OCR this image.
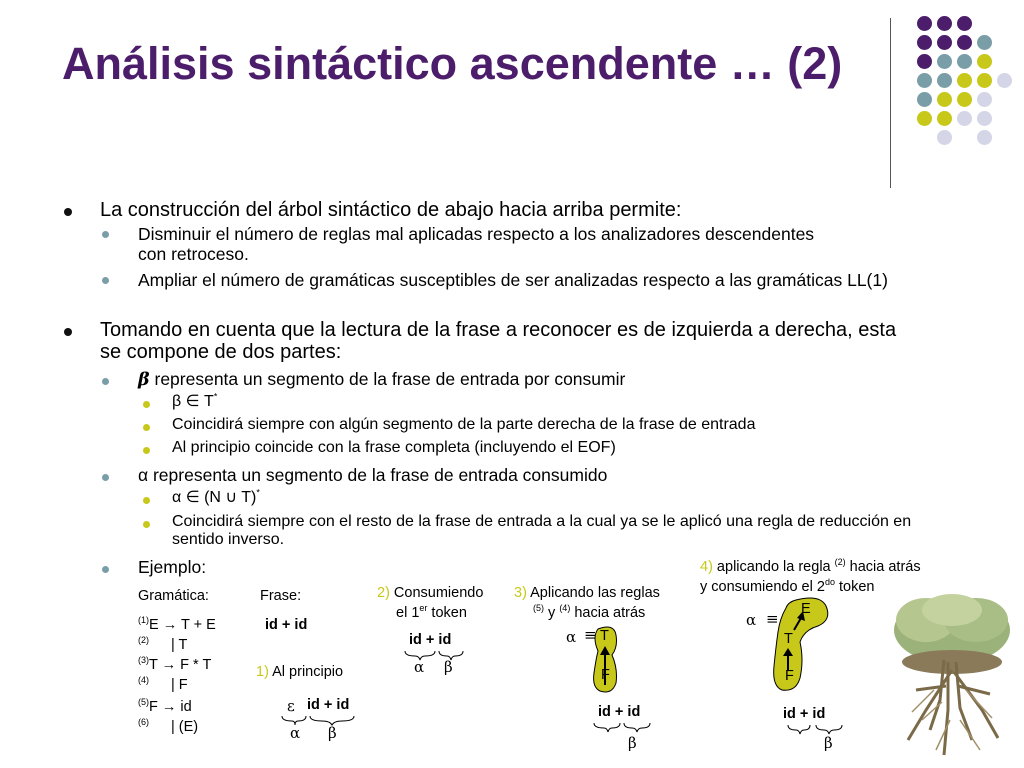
Análisis sintáctico ascendente … (2)
La construcción del árbol sintáctico de abajo hacia arriba permite:
Disminuir el número de reglas mal aplicadas respecto a los analizadores descendentes con retroceso.
Ampliar el número de gramáticas susceptibles de ser analizadas respecto a las gramáticas LL(1)
Tomando en cuenta que la lectura de la frase a reconocer es de izquierda a derecha, esta se compone de dos partes:
β representa un segmento de la frase de entrada por consumir
β ∈ T*
Coincidirá siempre con algún segmento de la parte derecha de la frase de entrada
Al principio coincide con la frase completa (incluyendo el EOF)
α representa un segmento de la frase de entrada consumido
α ∈ (N ∪ T)*
Coincidirá siempre con el resto de la frase de entrada a la cual ya se le aplicó una regla de reducción en sentido inverso.
Ejemplo:
Gramática:	Frase:
id + id
$^{(1)}$E → T + E
$^{(2)}$ | T
$^{(3)}$T → F * T
$^{(4)}$ | F
$^{(5)}$F → id
$^{(6)}$ | (E)
1) Al principio
ε id + id
α β
2) Consumiendo
el 1er token
id + id
α β
3) Aplicando las reglas
$^{(5)}$ y $^{(4)}$ hacia atrás
α ≡ T
F
id + id
β
4) aplicando la regla $^{(2)}$ hacia atrás
y consumiendo el $2^{do}$ token
α ≡
E
T
F
id + id
β
